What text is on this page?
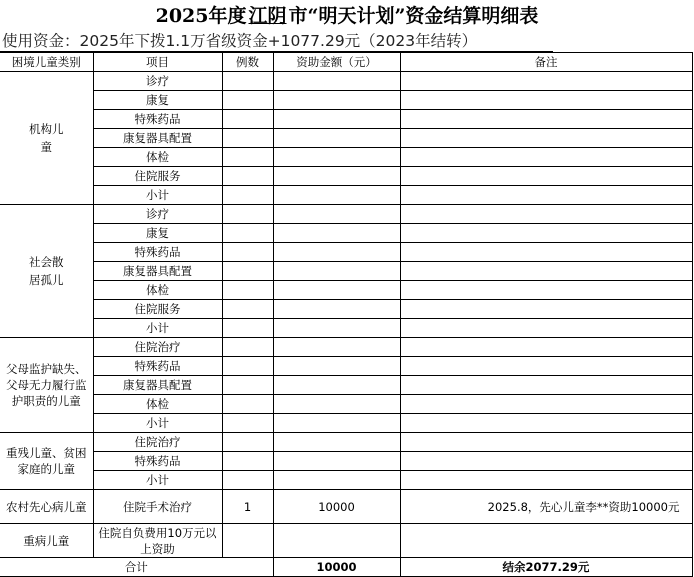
2025年度 江阴 市“明天计划”资金结算明细表
使用资金：2025年下拨1.1万省级资金+1077.29元（2023年结转）
困境儿童类别	项目	例数	资助金额（元）	备注
机构儿童	诊疗			
	康复			
	特殊药品			
	康复器具配置			
	体检			
	住院服务			
	小计			
社会散居孤儿	诊疗			
	康复			
	特殊药品			
	康复器具配置			
	体检			
	住院服务			
	小计			
父母监护缺失、父母无力履行监护职责的儿童	住院治疗			
	特殊药品			
	康复器具配置			
	体检			
	小计			
重残儿童、贫困家庭的儿童	住院治疗			
	特殊药品			
	小计			
农村先心病儿童	住院手术治疗	1	10000	2025.8，先心儿童李**资助10000元
重病儿童	住院自负费用10万元以上资助			
合计			10000	结余2077.29元
